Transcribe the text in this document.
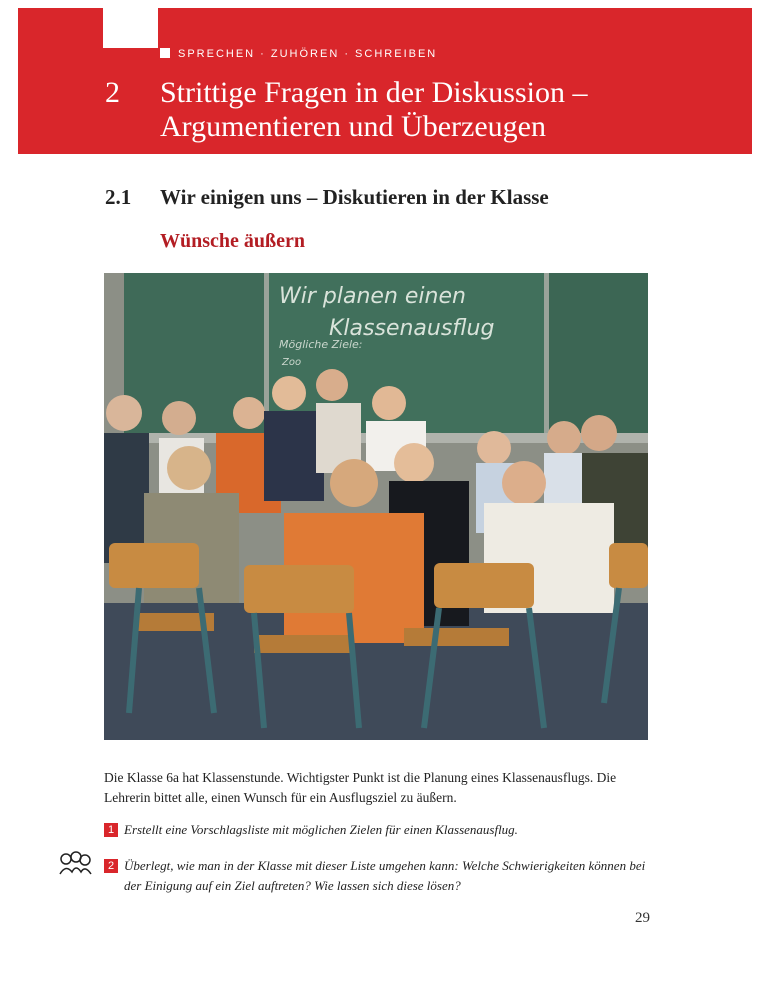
SPRECHEN · ZUHÖREN · SCHREIBEN
2 Strittige Fragen in der Diskussion – Argumentieren und Überzeugen
2.1 Wir einigen uns – Diskutieren in der Klasse
Wünsche äußern
Wir planen einen
Klassenausflug
Mögliche Ziele:
Zoo
Die Klasse 6a hat Klassenstunde. Wichtigster Punkt ist die Planung eines Klassenausflugs. Die Lehrerin bittet alle, einen Wunsch für ein Ausflugsziel zu äußern.
1 Erstellt eine Vorschlagsliste mit möglichen Zielen für einen Klassenausflug.
2 Überlegt, wie man in der Klasse mit dieser Liste umgehen kann: Welche Schwierigkeiten können bei der Einigung auf ein Ziel auftreten? Wie lassen sich diese lösen?
29
